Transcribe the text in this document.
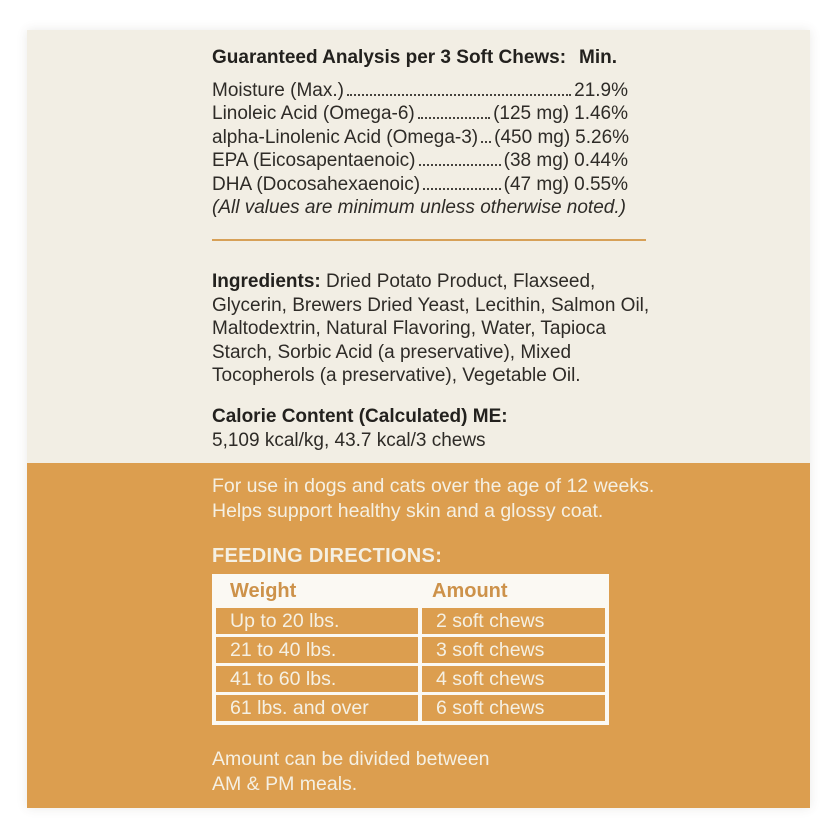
Guaranteed Analysis per 3 Soft Chews: Min.
Moisture (Max.)	21.9%
Linoleic Acid (Omega-6)	(125 mg) 1.46%
alpha-Linolenic Acid (Omega-3) (450 mg) 5.26%
EPA (Eicosapentaenoic)	(38 mg) 0.44%
DHA (Docosahexaenoic)	(47 mg) 0.55%
(All values are minimum unless otherwise noted.)
Ingredients: Dried Potato Product, Flaxseed,
Glycerin, Brewers Dried Yeast, Lecithin, Salmon Oil,
Maltodextrin, Natural Flavoring, Water, Tapioca
Starch, Sorbic Acid (a preservative), Mixed
Tocopherols (a preservative), Vegetable Oil.
Calorie Content (Calculated) ME:
5,109 kcal/kg, 43.7 kcal/3 chews
For use in dogs and cats over the age of 12 weeks.
Helps support healthy skin and a glossy coat.
FEEDING DIRECTIONS:
Weight	Amount
Up to 20 lbs.	2 soft chews
21 to 40 lbs.	3 soft chews
41 to 60 lbs.	4 soft chews
61 lbs. and over	6 soft chews
Amount can be divided between
AM & PM meals.
